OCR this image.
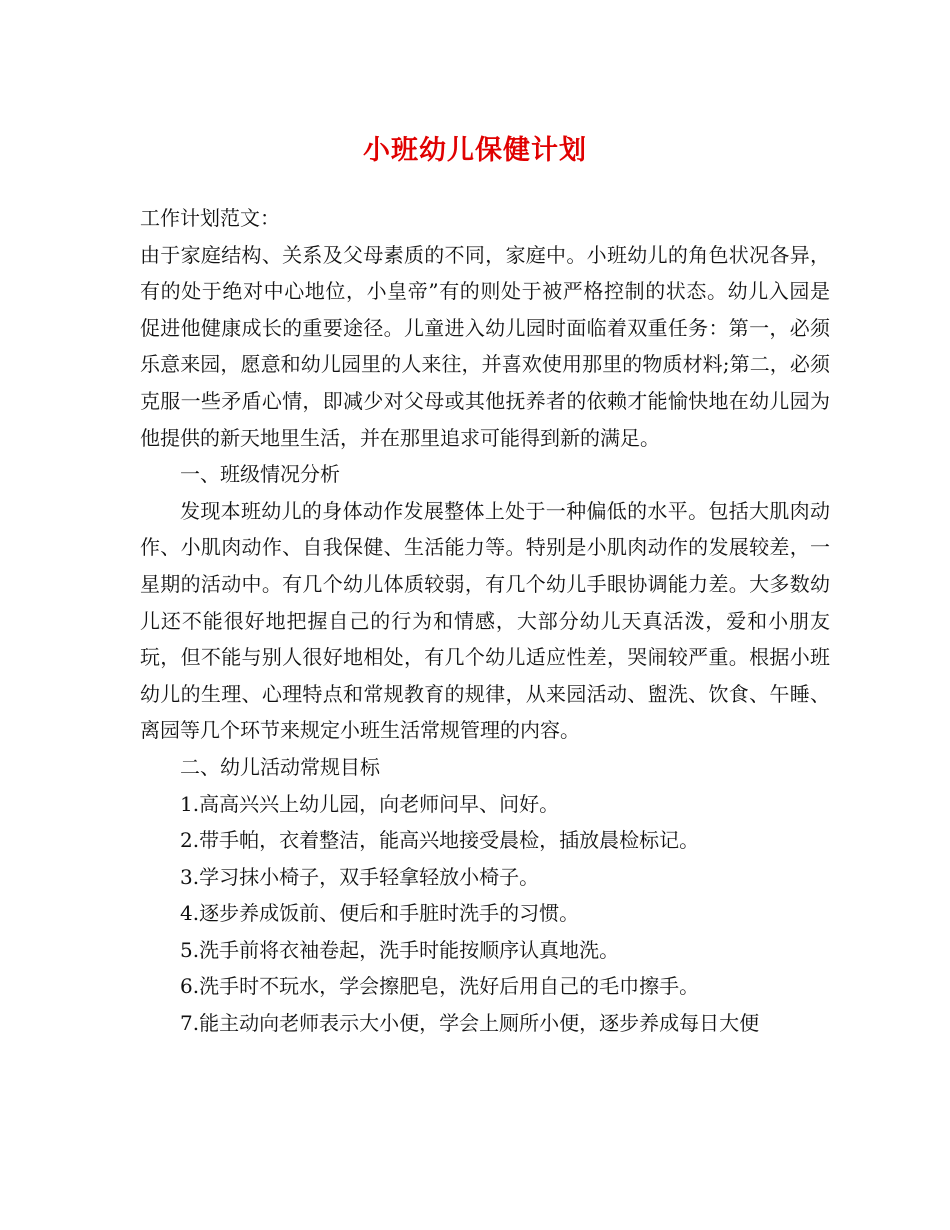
小班幼儿保健计划

工作计划范文：

由于家庭结构、关系及父母素质的不同，家庭中。小班幼儿的角色状况各异，有的处于绝对中心地位，小皇帝”有的则处于被严格控制的状态。幼儿入园是促进他健康成长的重要途径。儿童进入幼儿园时面临着双重任务：第一，必须乐意来园，愿意和幼儿园里的人来往，并喜欢使用那里的物质材料;第二，必须克服一些矛盾心情，即减少对父母或其他抚养者的依赖才能愉快地在幼儿园为他提供的新天地里生活，并在那里追求可能得到新的满足。

一、班级情况分析

发现本班幼儿的身体动作发展整体上处于一种偏低的水平。包括大肌肉动作、小肌肉动作、自我保健、生活能力等。特别是小肌肉动作的发展较差，一星期的活动中。有几个幼儿体质较弱，有几个幼儿手眼协调能力差。大多数幼儿还不能很好地把握自己的行为和情感，大部分幼儿天真活泼，爱和小朋友玩，但不能与别人很好地相处，有几个幼儿适应性差，哭闹较严重。根据小班幼儿的生理、心理特点和常规教育的规律，从来园活动、盥洗、饮食、午睡、离园等几个环节来规定小班生活常规管理的内容。

二、幼儿活动常规目标

1.高高兴兴上幼儿园，向老师问早、问好。

2.带手帕，衣着整洁，能高兴地接受晨检，插放晨检标记。

3.学习抹小椅子，双手轻拿轻放小椅子。

4.逐步养成饭前、便后和手脏时洗手的习惯。

5.洗手前将衣袖卷起，洗手时能按顺序认真地洗。

6.洗手时不玩水，学会擦肥皂，洗好后用自己的毛巾擦手。

7.能主动向老师表示大小便，学会上厕所小便，逐步养成每日大便
